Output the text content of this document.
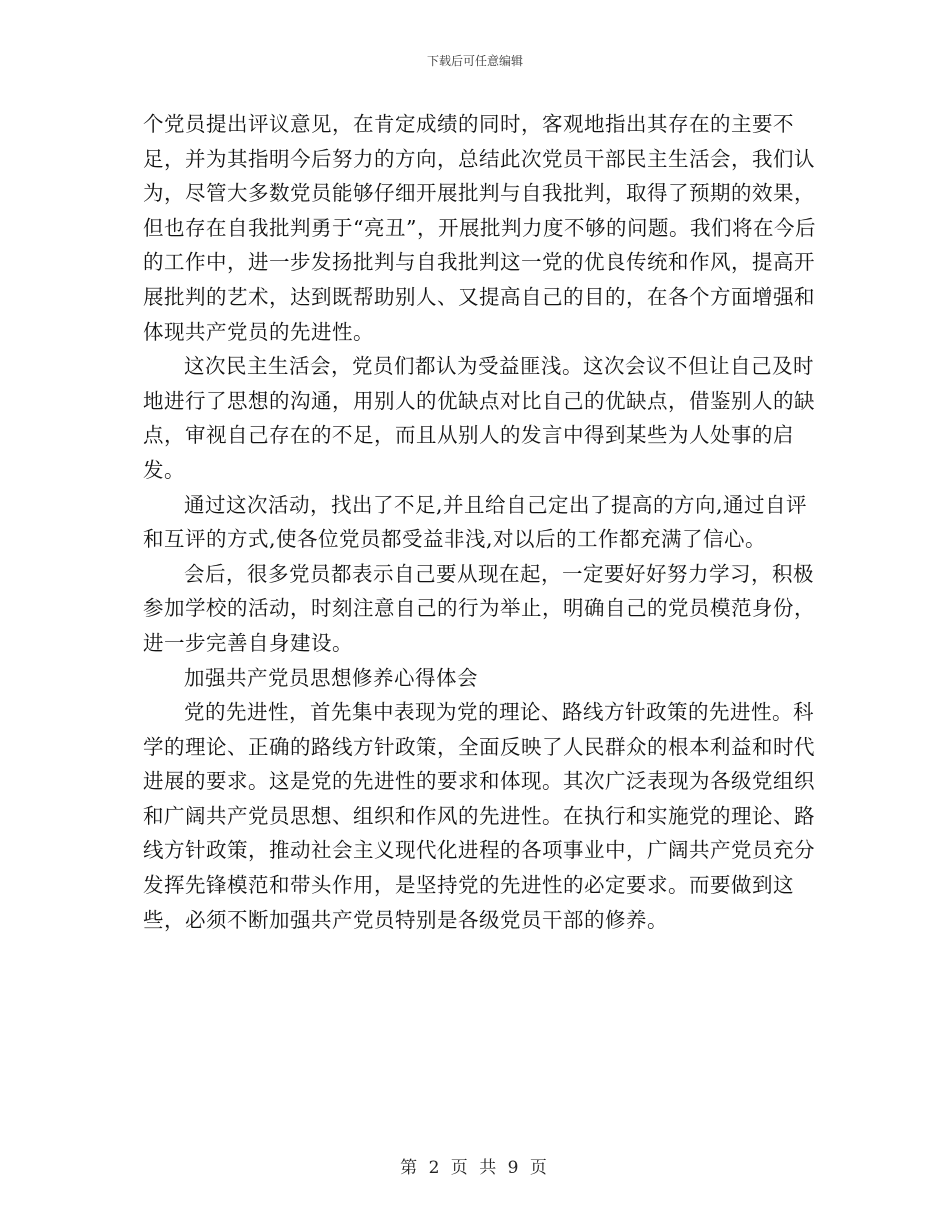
下载后可任意编辑

个党员提出评议意见，在肯定成绩的同时，客观地指出其存在的主要不足，并为其指明今后努力的方向，总结此次党员干部民主生活会，我们认为，尽管大多数党员能够仔细开展批判与自我批判，取得了预期的效果，但也存在自我批判勇于“亮丑”，开展批判力度不够的问题。我们将在今后的工作中，进一步发扬批判与自我批判这一党的优良传统和作风，提高开展批判的艺术，达到既帮助别人、又提高自己的目的，在各个方面增强和体现共产党员的先进性。

这次民主生活会，党员们都认为受益匪浅。这次会议不但让自己及时地进行了思想的沟通，用别人的优缺点对比自己的优缺点，借鉴别人的缺点，审视自己存在的不足，而且从别人的发言中得到某些为人处事的启发。

通过这次活动，找出了不足,并且给自己定出了提高的方向,通过自评和互评的方式,使各位党员都受益非浅,对以后的工作都充满了信心。

会后，很多党员都表示自己要从现在起，一定要好好努力学习，积极参加学校的活动，时刻注意自己的行为举止，明确自己的党员模范身份，进一步完善自身建设。

加强共产党员思想修养心得体会

党的先进性，首先集中表现为党的理论、路线方针政策的先进性。科学的理论、正确的路线方针政策，全面反映了人民群众的根本利益和时代进展的要求。这是党的先进性的要求和体现。其次广泛表现为各级党组织和广阔共产党员思想、组织和作风的先进性。在执行和实施党的理论、路线方针政策，推动社会主义现代化进程的各项事业中，广阔共产党员充分发挥先锋模范和带头作用，是坚持党的先进性的必定要求。而要做到这些，必须不断加强共产党员特别是各级党员干部的修养。

第 2 页 共 9 页
